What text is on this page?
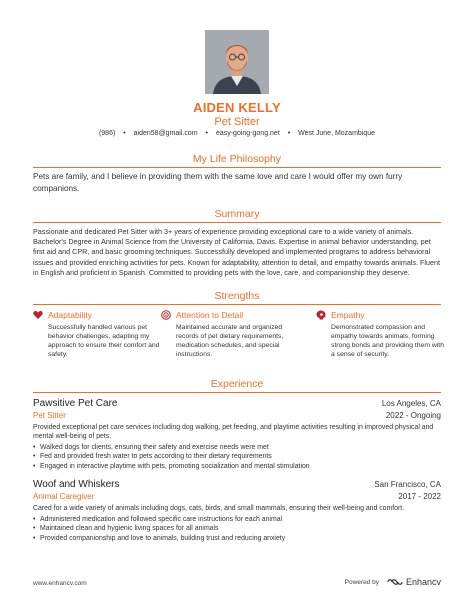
AIDEN KELLY
Pet Sitter
(986) • aiden58@gmail.com • easy-going-gong.net • West June, Mozambique
My Life Philosophy
Pets are family, and I believe in providing them with the same love and care I would offer my own furry companions.
Summary
Passionate and dedicated Pet Sitter with 3+ years of experience providing exceptional care to a wide variety of animals. Bachelor's Degree in Animal Science from the University of California, Davis. Expertise in animal behavior understanding, pet first aid and CPR, and basic grooming techniques. Successfully developed and implemented programs to address behavioral issues and provided enriching activities for pets. Known for adaptability, attention to detail, and empathy towards animals. Fluent in English and proficient in Spanish. Committed to providing pets with the love, care, and companionship they deserve.
Strengths
Adaptability
Successfully handled various pet behavior challenges, adapting my approach to ensure their comfort and safety.
Attention to Detail
Maintained accurate and organized records of pet dietary requirements, medication schedules, and special instructions.
Empathy
Demonstrated compassion and empathy towards animals, forming strong bonds and providing them with a sense of security.
Experience
Pawsitive Pet Care	Los Angeles, CA
Pet Sitter	2022 - Ongoing
Provided exceptional pet care services including dog walking, pet feeding, and playtime activities resulting in improved physical and mental well-being of pets.
• Walked dogs for clients, ensuring their safety and exercise needs were met
• Fed and provided fresh water to pets according to their dietary requirements
• Engaged in interactive playtime with pets, promoting socialization and mental stimulation
Woof and Whiskers	San Francisco, CA
Animal Caregiver	2017 - 2022
Cared for a wide variety of animals including dogs, cats, birds, and small mammals, ensuring their well-being and comfort.
• Administered medication and followed specific care instructions for each animal
• Maintained clean and hygienic living spaces for all animals
• Provided companionship and love to animals, building trust and reducing anxiety
www.enhancv.com	Powered by	Enhancv
